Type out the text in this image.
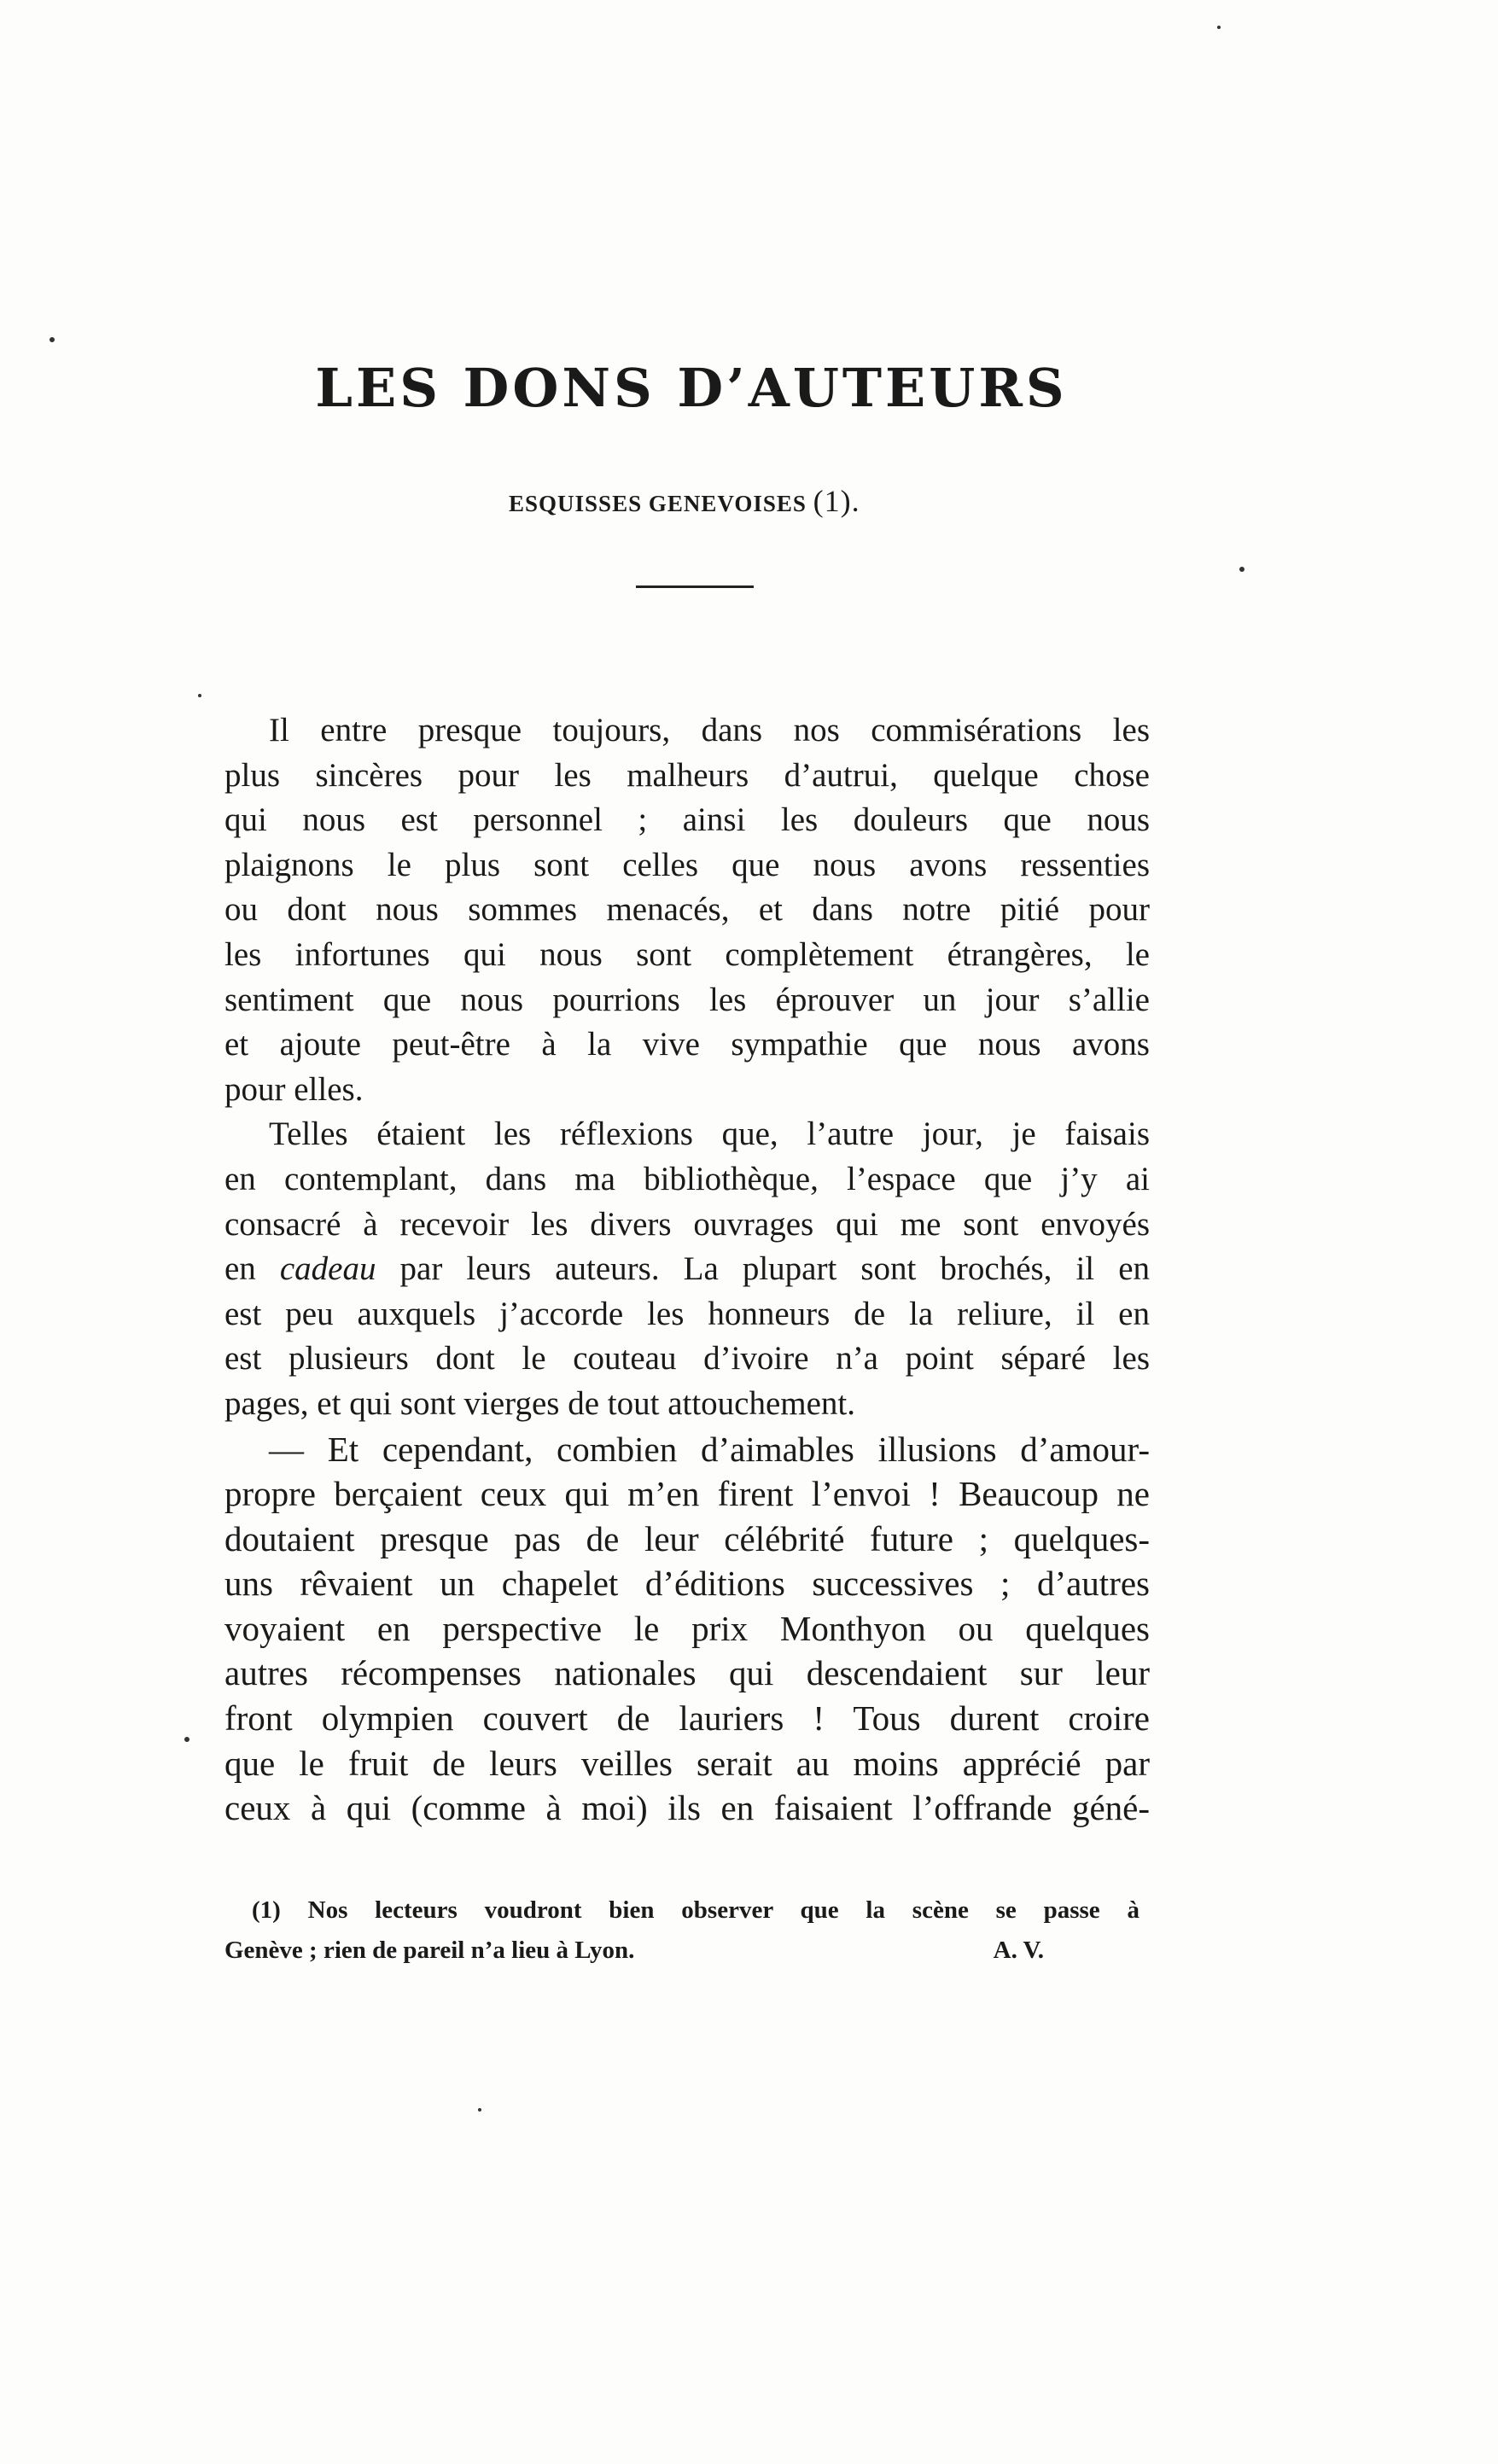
LES DONS D’AUTEURS

ESQUISSES GENEVOISES (1).

Il entre presque toujours, dans nos commisérations les
plus sincères pour les malheurs d’autrui, quelque chose
qui nous est personnel ; ainsi les douleurs que nous
plaignons le plus sont celles que nous avons ressenties
ou dont nous sommes menacés, et dans notre pitié pour
les infortunes qui nous sont complètement étrangères, le
sentiment que nous pourrions les éprouver un jour s’allie
et ajoute peut-être à la vive sympathie que nous avons
pour elles.
Telles étaient les réflexions que, l’autre jour, je faisais
en contemplant, dans ma bibliothèque, l’espace que j’y ai
consacré à recevoir les divers ouvrages qui me sont envoyés
en cadeau par leurs auteurs. La plupart sont brochés, il en
est peu auxquels j’accorde les honneurs de la reliure, il en
est plusieurs dont le couteau d’ivoire n’a point séparé les
pages, et qui sont vierges de tout attouchement.
— Et cependant, combien d’aimables illusions d’amour-
propre berçaient ceux qui m’en firent l’envoi ! Beaucoup ne
doutaient presque pas de leur célébrité future ; quelques-
uns rêvaient un chapelet d’éditions successives ; d’autres
voyaient en perspective le prix Monthyon ou quelques
autres récompenses nationales qui descendaient sur leur
front olympien couvert de lauriers ! Tous durent croire
que le fruit de leurs veilles serait au moins apprécié par
ceux à qui (comme à moi) ils en faisaient l’offrande géné-
(1) Nos lecteurs voudront bien observer que la scène se passe à
Genève ; rien de pareil n’a lieu à Lyon.	A. V.
